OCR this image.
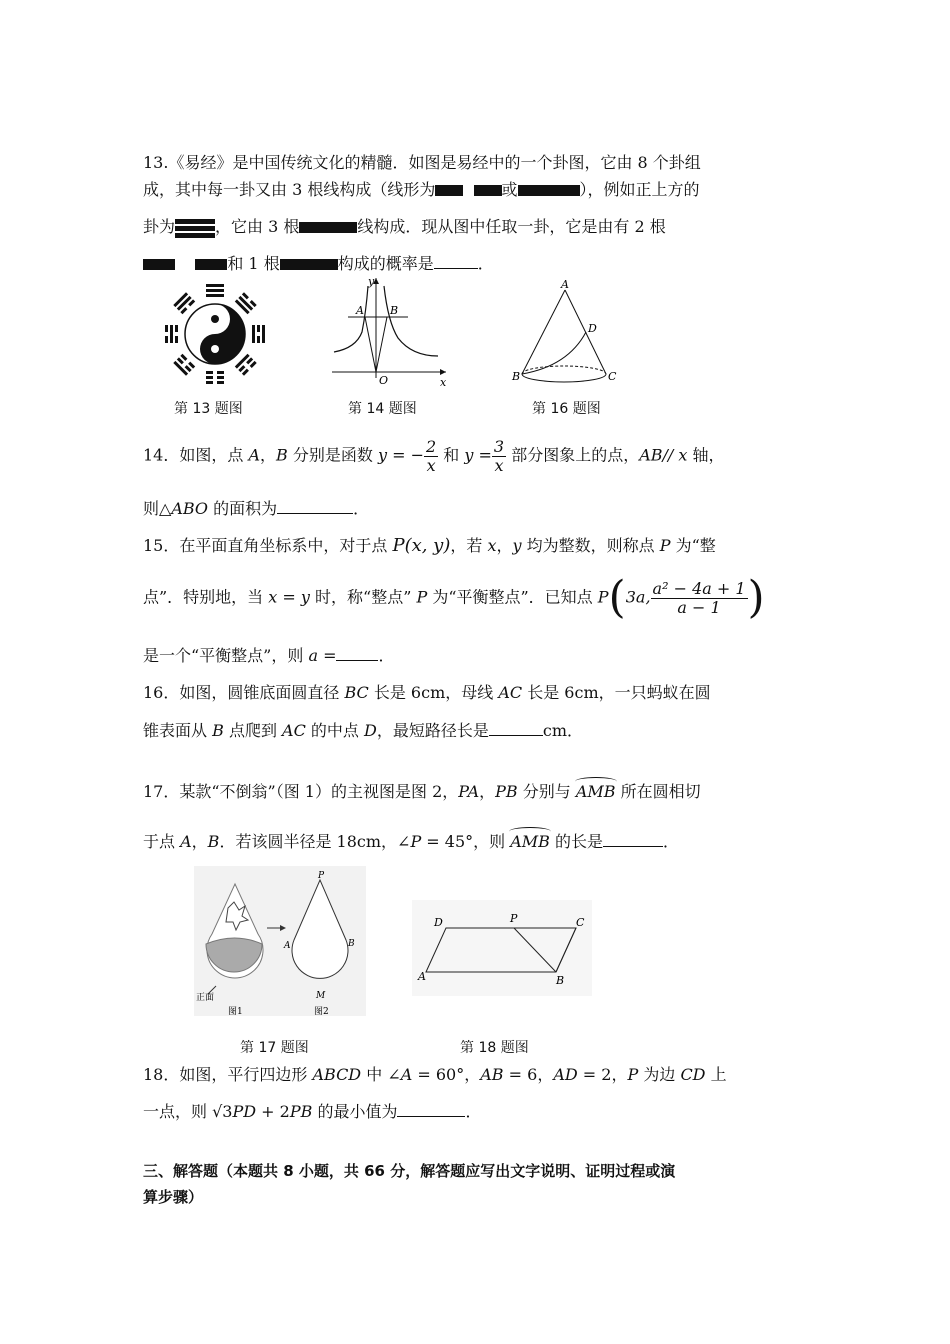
13.《易经》是中国传统文化的精髓．如图是易经中的一个卦图，它由 8 个卦组
成，其中每一卦又由 3 根线构成（线形为	或	），例如正上方的
卦为	，它由 3 根	线构成．现从图中任取一卦，它是由有 2 根
和 1 根	构成的概率是	．
y
x
O
A B
A
B	C
D
第 13 题图	第 14 题图	第 16 题图
14．如图，点 A，B 分别是函数 y = − $\frac{2}{x}$ 和 $y = \frac{3}{x}$ 部分图象上的点，AB// x 轴，
则△ABO 的面积为	．
15．在平面直角坐标系中，对于点 P(x, y)，若 x，y 均为整数，则称点 P 为“整
点”．特别地，当 x = y 时，称“整点” P 为“平衡整点”．已知点 P(3a, $\frac{\text{a² − 4a + 1}}{a - 1}$ )
是一个“平衡整点”，则 a =	．
16．如图，圆锥底面圆直径 BC 长是 6cm，母线 AC 长是 6cm，一只蚂蚁在圆
锥表面从 B 点爬到 AC 的中点 D，最短路径长是	cm．
17．某款“不倒翁”（图 1）的主视图是图 2，PA，PB 分别与 AMB 所在圆相切
于点 A，B．若该圆半径是 18cm，∠P = 45°，则 AMB 的长是	．
P
A	B
M
正面
图1	图2
D	P	C
A	B
第 17 题图	第 18 题图
18．如图，平行四边形 ABCD 中 ∠A = 60°，AB = 6，AD = 2，P 为边 CD 上
一点，则 √3PD + 2PB 的最小值为	．
三、解答题（本题共 8 小题，共 66 分，解答题应写出文字说明、证明过程或演
算步骤）
